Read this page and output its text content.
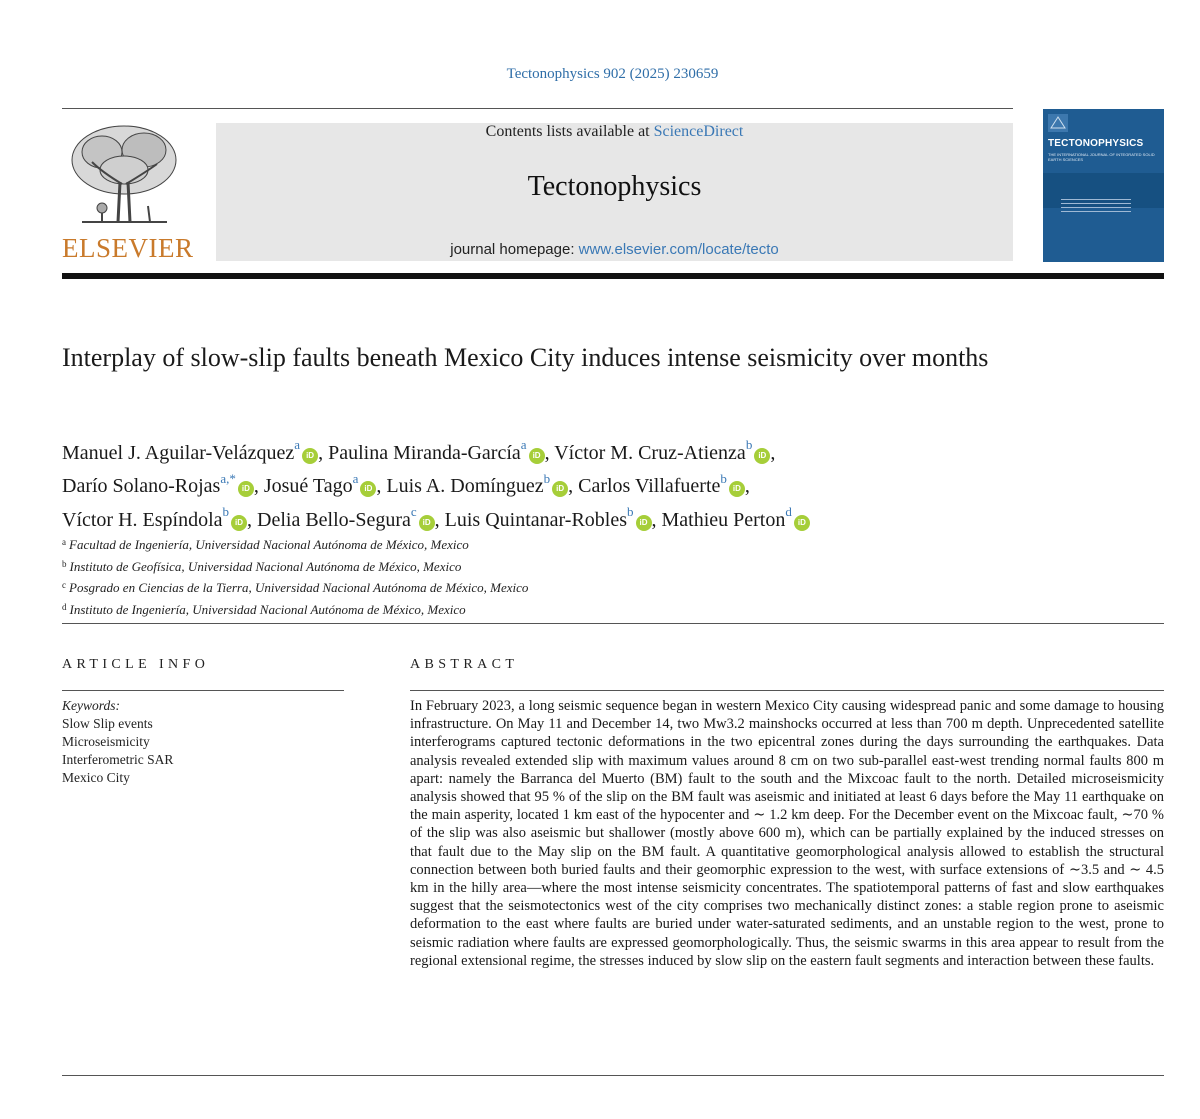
Tectonophysics 902 (2025) 230659
ELSEVIER
Contents lists available at ScienceDirect
Tectonophysics
journal homepage: www.elsevier.com/locate/tecto
TECTONOPHYSICS
THE INTERNATIONAL JOURNAL OF INTEGRATED SOLID EARTH SCIENCES
Interplay of slow-slip faults beneath Mexico City induces intense seismicity over months
Manuel J. Aguilar-Velázquez$^a$iD , Paulina Miranda-García$^a$iD , Víctor M. Cruz-Atienza$^b$iD ,
Darío Solano-Rojas$^{a,*}$iD , Josué Tago$^a$iD , Luis A. Domínguez$^b$iD , Carlos Villafuerte$^b$iD ,
Víctor H. Espíndola$^b$iD , Delia Bello-Segura$^c$iD , Luis Quintanar-Robles$^b$iD , Mathieu Perton$^d$iD
$^a$ Facultad de Ingeniería, Universidad Nacional Autónoma de México, Mexico
$^b$ Instituto de Geofísica, Universidad Nacional Autónoma de México, Mexico
$^c$ Posgrado en Ciencias de la Tierra, Universidad Nacional Autónoma de México, Mexico
$^d$ Instituto de Ingeniería, Universidad Nacional Autónoma de México, Mexico
ARTICLE INFO	ABSTRACT
Keywords:
Slow Slip events
Microseismicity
Interferometric SAR
Mexico City

In February 2023, a long seismic sequence began in western Mexico City causing widespread panic and some damage to housing infrastructure. On May 11 and December 14, two Mw3.2 mainshocks occurred at less than 700 m depth. Unprecedented satellite interferograms captured tectonic deformations in the two epicentral zones during the days surrounding the earthquakes. Data analysis revealed extended slip with maximum values around 8 cm on two sub-parallel east-west trending normal faults 800 m apart: namely the Barranca del Muerto (BM) fault to the south and the Mixcoac fault to the north. Detailed microseismicity analysis showed that 95 % of the slip on the BM fault was aseismic and initiated at least 6 days before the May 11 earthquake on the main asperity, located 1 km east of the hypocenter and ∼ 1.2 km deep. For the December event on the Mixcoac fault, ∼70 % of the slip was also aseismic but shallower (mostly above 600 m), which can be partially explained by the induced stresses on that fault due to the May slip on the BM fault. A quantitative geomorphological analysis allowed to establish the structural connection between both buried faults and their geomorphic expression to the west, with surface extensions of ∼3.5 and ∼ 4.5 km in the hilly area—where the most intense seismicity concentrates. The spatiotemporal patterns of fast and slow earthquakes suggest that the seismotectonics west of the city comprises two mechanically distinct zones: a stable region prone to aseismic deformation to the east where faults are buried under water-saturated sediments, and an unstable region to the west, prone to seismic radiation where faults are expressed geomorphologically. Thus, the seismic swarms in this area appear to result from the regional extensional regime, the stresses induced by slow slip on the eastern fault segments and interaction between these faults.
